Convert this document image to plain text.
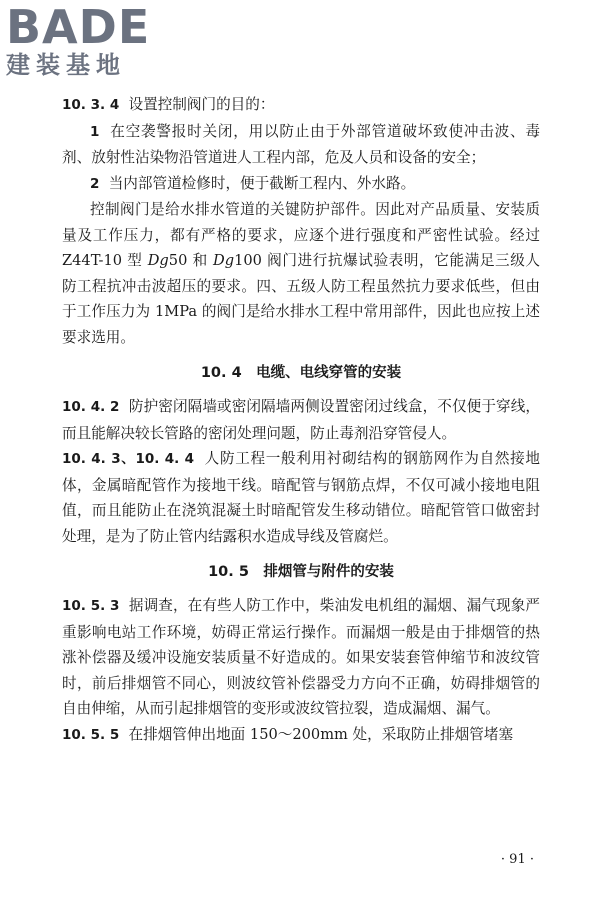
BADE
建装基地

10. 3. 4 设置控制阀门的目的：

1 在空袭警报时关闭，用以防止由于外部管道破坏致使冲击波、毒剂、放射性沾染物沿管道进人工程内部，危及人员和设备的安全；

2 当内部管道检修时，便于截断工程内、外水路。

控制阀门是给水排水管道的关键防护部件。因此对产品质量、安装质量及工作压力，都有严格的要求，应逐个进行强度和严密性试验。经过 Z44T-10 型 Dg50 和 Dg100 阀门进行抗爆试验表明，它能满足三级人防工程抗冲击波超压的要求。四、五级人防工程虽然抗力要求低些，但由于工作压力为 1MPa 的阀门是给水排水工程中常用部件，因此也应按上述要求选用。

10. 4　电缆、电线穿管的安装

10. 4. 2 防护密闭隔墙或密闭隔墙两侧设置密闭过线盒，不仅便于穿线，而且能解决较长管路的密闭处理问题，防止毒剂沿穿管侵人。

10. 4. 3、10. 4. 4 人防工程一般利用衬砌结构的钢筋网作为自然接地体，金属暗配管作为接地干线。暗配管与钢筋点焊，不仅可减小接地电阻值，而且能防止在浇筑混凝土时暗配管发生移动错位。暗配管管口做密封处理，是为了防止管内结露积水造成导线及管腐烂。

10. 5　排烟管与附件的安装

10. 5. 3 据调查，在有些人防工作中，柴油发电机组的漏烟、漏气现象严重影响电站工作环境，妨碍正常运行操作。而漏烟一般是由于排烟管的热涨补偿器及缓冲设施安装质量不好造成的。如果安装套管伸缩节和波纹管时，前后排烟管不同心，则波纹管补偿器受力方向不正确，妨碍排烟管的自由伸缩，从而引起排烟管的变形或波纹管拉裂，造成漏烟、漏气。

10. 5. 5 在排烟管伸出地面 150～200mm 处，采取防止排烟管堵塞

· 91 ·
